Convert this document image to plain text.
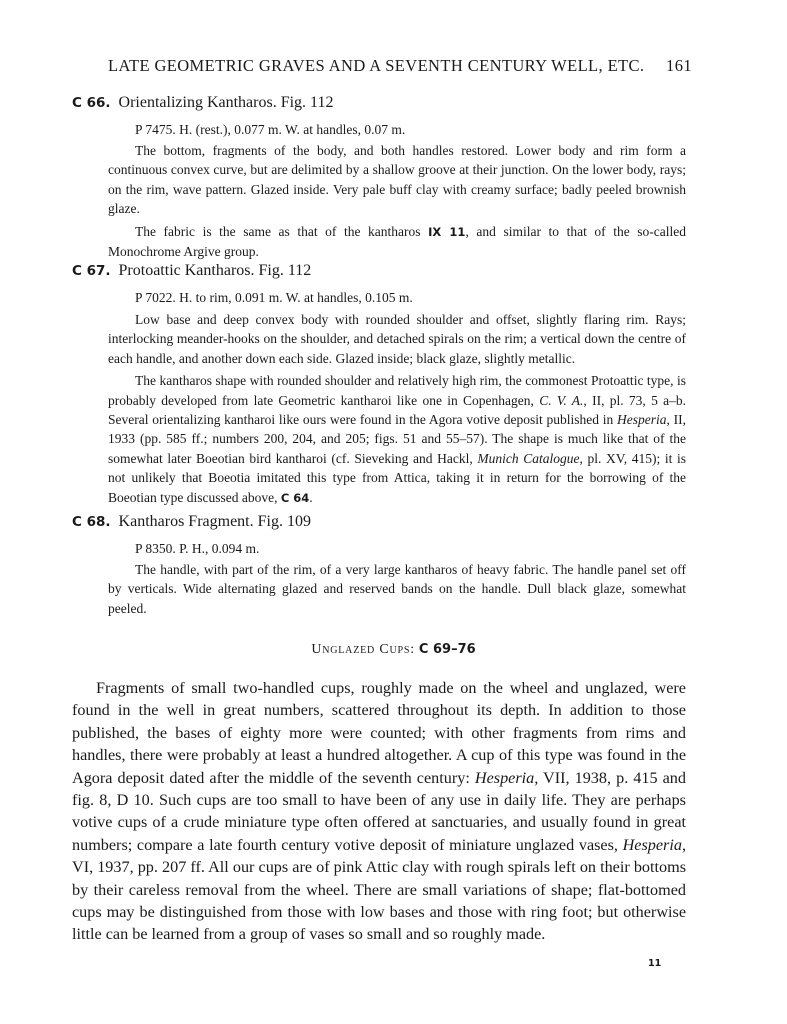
LATE GEOMETRIC GRAVES AND A SEVENTH CENTURY WELL, ETC. 161
C 66. Orientalizing Kantharos. Fig. 112
P 7475. H. (rest.), 0.077 m. W. at handles, 0.07 m.

The bottom, fragments of the body, and both handles restored. Lower body and rim form a continuous convex curve, but are delimited by a shallow groove at their junction. On the lower body, rays; on the rim, wave pattern. Glazed inside. Very pale buff clay with creamy surface; badly peeled brownish glaze.

The fabric is the same as that of the kantharos IX 11, and similar to that of the so-called Monochrome Argive group.

C 67. Protoattic Kantharos. Fig. 112
P 7022. H. to rim, 0.091 m. W. at handles, 0.105 m.

Low base and deep convex body with rounded shoulder and offset, slightly flaring rim. Rays; interlocking meander-hooks on the shoulder, and detached spirals on the rim; a vertical down the centre of each handle, and another down each side. Glazed inside; black glaze, slightly metallic.

The kantharos shape with rounded shoulder and relatively high rim, the commonest Protoattic type, is probably developed from late Geometric kantharoi like one in Copenhagen, C. V. A., II, pl. 73, 5 a–b. Several orientalizing kantharoi like ours were found in the Agora votive deposit published in Hesperia, II, 1933 (pp. 585 ff.; numbers 200, 204, and 205; figs. 51 and 55–57). The shape is much like that of the somewhat later Boeotian bird kantharoi (cf. Sieveking and Hackl, Munich Catalogue, pl. XV, 415); it is not unlikely that Boeotia imitated this type from Attica, taking it in return for the borrowing of the Boeotian type discussed above, C 64.

C 68. Kantharos Fragment. Fig. 109
P 8350. P. H., 0.094 m.

The handle, with part of the rim, of a very large kantharos of heavy fabric. The handle panel set off by verticals. Wide alternating glazed and reserved bands on the handle. Dull black glaze, somewhat peeled.

Unglazed Cups: C 69–76

Fragments of small two-handled cups, roughly made on the wheel and unglazed, were found in the well in great numbers, scattered throughout its depth. In addition to those published, the bases of eighty more were counted; with other fragments from rims and handles, there were probably at least a hundred altogether. A cup of this type was found in the Agora deposit dated after the middle of the seventh century: Hesperia, VII, 1938, p. 415 and fig. 8, D 10. Such cups are too small to have been of any use in daily life. They are perhaps votive cups of a crude miniature type often offered at sanctuaries, and usually found in great numbers; compare a late fourth century votive deposit of miniature unglazed vases, Hesperia, VI, 1937, pp. 207 ff. All our cups are of pink Attic clay with rough spirals left on their bottoms by their careless removal from the wheel. There are small variations of shape; flat-bottomed cups may be distinguished from those with low bases and those with ring foot; but otherwise little can be learned from a group of vases so small and so roughly made.

11
